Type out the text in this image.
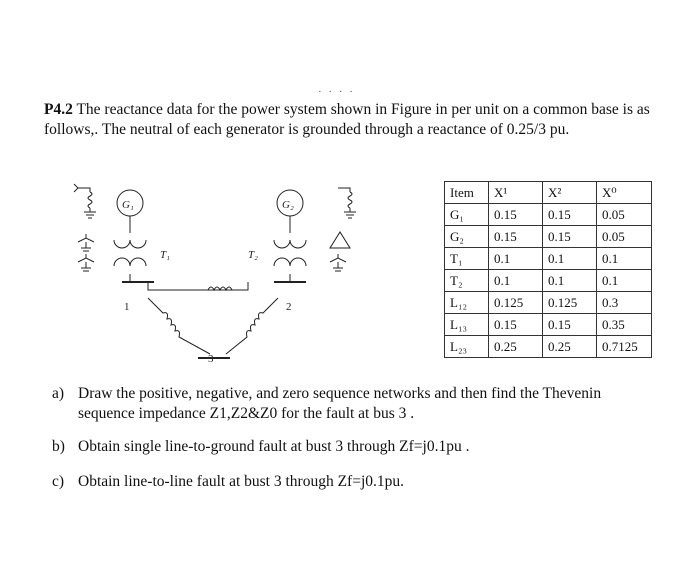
· · · ·
P4.2 The reactance data for the power system shown in Figure in per unit on a common base is as follows,. The neutral of each generator is grounded through a reactance of 0.25/3 pu.
G₁
T₁
1
G₂
T₂
2
3
Item	X¹	X²	X⁰
G₁	0.15	0.15	0.05
G₂	0.15	0.15	0.05
T₁	0.1	0.1	0.1
T₂	0.1	0.1	0.1
L₁₂	0.125	0.125	0.3
L₁₃	0.15	0.15	0.35
L₂₃	0.25	0.25	0.7125
a) Draw the positive, negative, and zero sequence networks and then find the Thevenin
sequence impedance Z1,Z2&Z0 for the fault at bus 3 .
b) Obtain single line-to-ground fault at bust 3 through Zf=j0.1pu .
c) Obtain line-to-line fault at bust 3 through Zf=j0.1pu.
